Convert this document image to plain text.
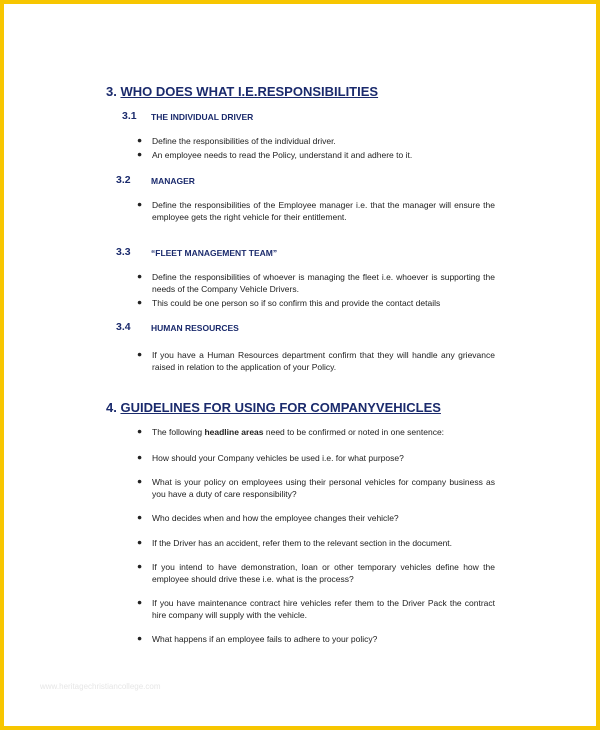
3. WHO DOES WHAT I.E.RESPONSIBILITIES
3.1 THE INDIVIDUAL DRIVER
● Define the responsibilities of the individual driver.
● An employee needs to read the Policy, understand it and adhere to it.
3.2 MANAGER
● Define the responsibilities of the Employee manager i.e. that the manager will ensure the employee gets the right vehicle for their entitlement.
3.3 “FLEET MANAGEMENT TEAM”
● Define the responsibilities of whoever is managing the fleet i.e. whoever is supporting the needs of the Company Vehicle Drivers.
● This could be one person so if so confirm this and provide the contact details
3.4 HUMAN RESOURCES
● If you have a Human Resources department confirm that they will handle any grievance raised in relation to the application of your Policy.
4. GUIDELINES FOR USING FOR COMPANYVEHICLES
● The following headline areas need to be confirmed or noted in one sentence:
● How should your Company vehicles be used i.e. for what purpose?
● What is your policy on employees using their personal vehicles for company business as you have a duty of care responsibility?
● Who decides when and how the employee changes their vehicle?
● If the Driver has an accident, refer them to the relevant section in the document.
● If you intend to have demonstration, loan or other temporary vehicles define how the employee should drive these i.e. what is the process?
● If you have maintenance contract hire vehicles refer them to the Driver Pack the contract hire company will supply with the vehicle.
● What happens if an employee fails to adhere to your policy?
www.heritagechristiancollege.com
